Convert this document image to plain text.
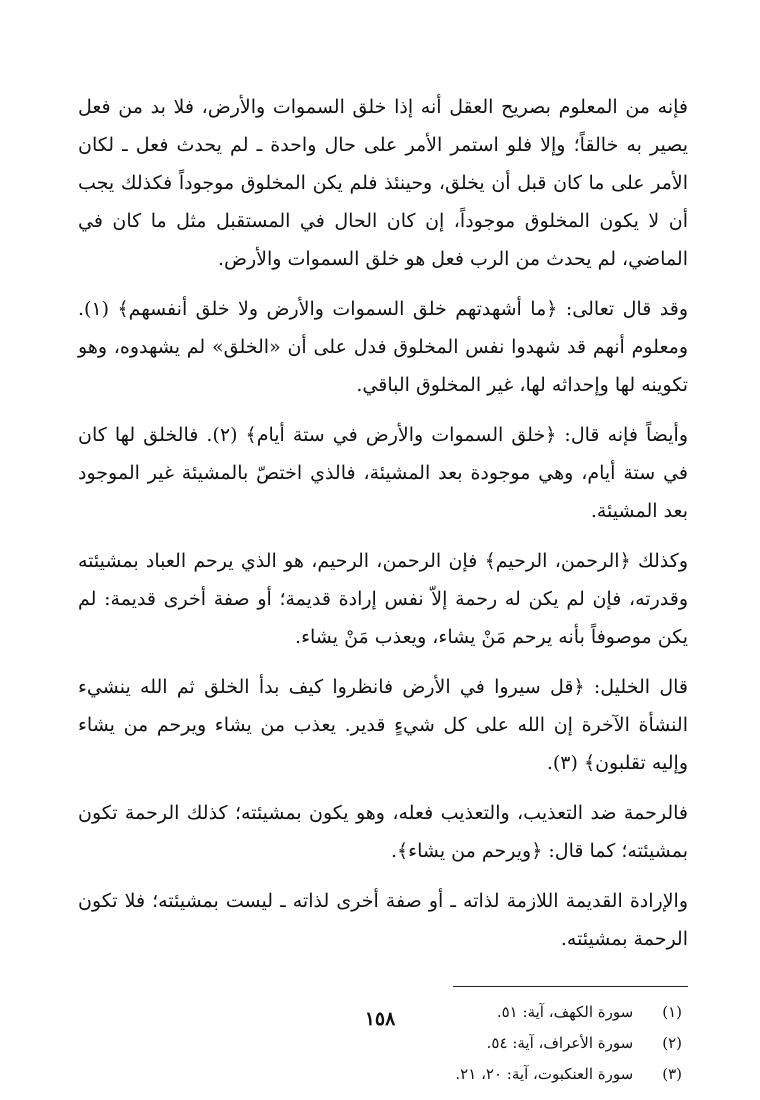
فإنه من المعلوم بصريح العقل أنه إذا خلق السموات والأرض، فلا بد من فعل يصير به خالقاً؛ وإلا فلو استمر الأمر على حال واحدة ـ لم يحدث فعل ـ لكان الأمر على ما كان قبل أن يخلق، وحينئذ فلم يكن المخلوق موجوداً فكذلك يجب أن لا يكون المخلوق موجوداً، إن كان الحال في المستقبل مثل ما كان في الماضي، لم يحدث من الرب فعل هو خلق السموات والأرض.

وقد قال تعالى: ﴿ما أشهدتهم خلق السموات والأرض ولا خلق أنفسهم﴾ (١). ومعلوم أنهم قد شهدوا نفس المخلوق فدل على أن «الخلق» لم يشهدوه، وهو تكوينه لها وإحداثه لها، غير المخلوق الباقي.

وأيضاً فإنه قال: ﴿خلق السموات والأرض في ستة أيام﴾ (٢). فالخلق لها كان في ستة أيام، وهي موجودة بعد المشيئة، فالذي اختصّ بالمشيئة غير الموجود بعد المشيئة.

وكذلك ﴿الرحمن، الرحيم﴾ فإن الرحمن، الرحيم، هو الذي يرحم العباد بمشيئته وقدرته، فإن لم يكن له رحمة إلاّ نفس إرادة قديمة؛ أو صفة أخرى قديمة: لم يكن موصوفاً بأنه يرحم مَنْ يشاء، ويعذب مَنْ يشاء.

قال الخليل: ﴿قل سيروا في الأرض فانظروا كيف بدأ الخلق ثم الله ينشيء النشأة الآخرة إن الله على كل شيءٍ قدير. يعذب من يشاء ويرحم من يشاء وإليه تقلبون﴾ (٣).

فالرحمة ضد التعذيب، والتعذيب فعله، وهو يكون بمشيئته؛ كذلك الرحمة تكون بمشيئته؛ كما قال: ﴿ويرحم من يشاء﴾.

والإرادة القديمة اللازمة لذاته ـ أو صفة أخرى لذاته ـ ليست بمشيئته؛ فلا تكون الرحمة بمشيئته.

(١) سورة الكهف، آية: ٥١.

(٢) سورة الأعراف، آية: ٥٤.

(٣) سورة العنكبوت، آية: ٢٠، ٢١.

١٥٨
